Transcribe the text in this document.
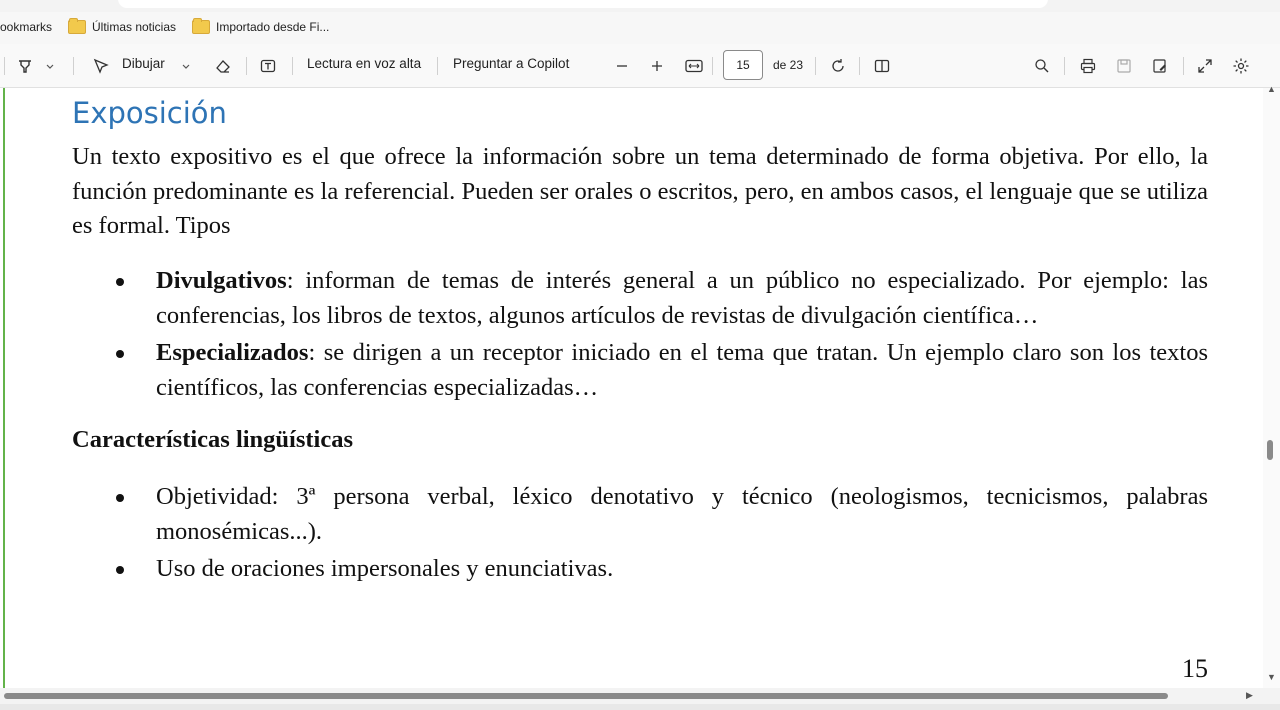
ookmarks	Últimas noticias	Importado desde Fi...
Dibujar	Lectura en voz alta Preguntar a Copilot	15	de 23
Exposición
Un texto expositivo es el que ofrece la información sobre un tema determinado de forma objetiva. Por ello, la función predominante es la referencial. Pueden ser orales o escritos, pero, en ambos casos, el lenguaje que se utiliza es formal. Tipos
Divulgativos: informan de temas de interés general a un público no especializado. Por ejemplo: las conferencias, los libros de textos, algunos artículos de revistas de divulgación científica…
Especializados: se dirigen a un receptor iniciado en el tema que tratan. Un ejemplo claro son los textos científicos, las conferencias especializadas…
Características lingüísticas
Objetividad: 3ª persona verbal, léxico denotativo y técnico (neologismos, tecnicismos, palabras monosémicas...).
Uso de oraciones impersonales y enunciativas.
15
▲
▼
▶
